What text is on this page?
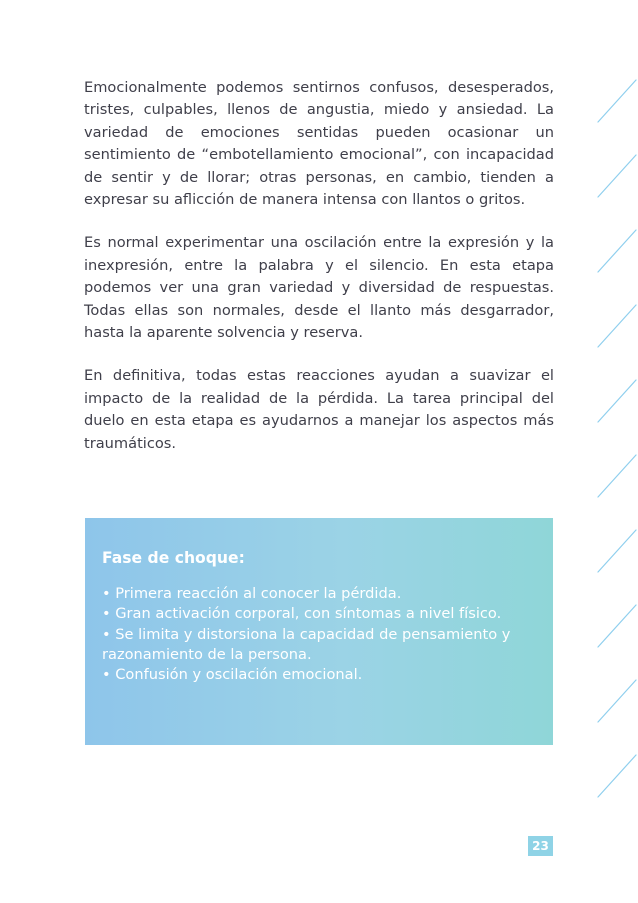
Emocionalmente podemos sentirnos confusos, desesperados, tristes, culpables, llenos de angustia, miedo y ansiedad. La variedad de emociones sentidas pueden ocasionar un sentimiento de “embotellamiento emocional”, con incapacidad de sentir y de llorar; otras personas, en cambio, tienden a expresar su aflicción de manera intensa con llantos o gritos.

Es normal experimentar una oscilación entre la expresión y la inexpresión, entre la palabra y el silencio. En esta etapa podemos ver una gran variedad y diversidad de respuestas. Todas ellas son normales, desde el llanto más desgarrador, hasta la aparente solvencia y reserva.

En definitiva, todas estas reacciones ayudan a suavizar el impacto de la realidad de la pérdida. La tarea principal del duelo en esta etapa es ayudarnos a manejar los aspectos más traumáticos.

Fase de choque:
• Primera reacción al conocer la pérdida.
• Gran activación corporal, con síntomas a nivel físico.
• Se limita y distorsiona la capacidad de pensamiento y razonamiento de la persona.
• Confusión y oscilación emocional.
23
